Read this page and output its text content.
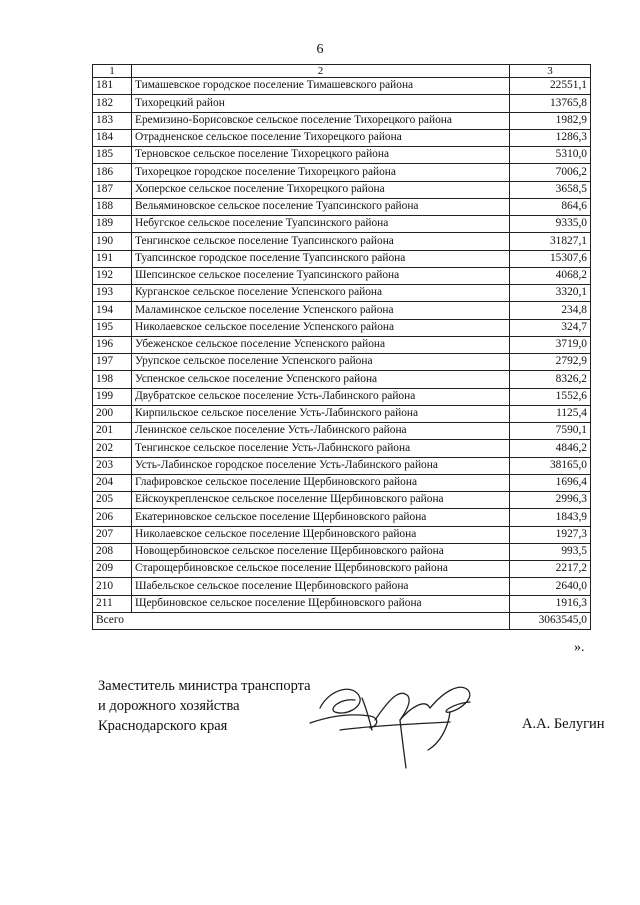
6
1	2	3
181	Тимашевское городское поселение Тимашевского района	22551,1
182	Тихорецкий район	13765,8
183	Еремизино-Борисовское сельское поселение Тихорецкого района	1982,9
184	Отрадненское сельское поселение Тихорецкого района	1286,3
185	Терновское сельское поселение Тихорецкого района	5310,0
186	Тихорецкое городское поселение Тихорецкого района	7006,2
187	Хоперское сельское поселение Тихорецкого района	3658,5
188	Вельяминовское сельское поселение Туапсинского района	864,6
189	Небугское сельское поселение Туапсинского района	9335,0
190	Тенгинское сельское поселение Туапсинского района	31827,1
191	Туапсинское городское поселение Туапсинского района	15307,6
192	Шепсинское сельское поселение Туапсинского района	4068,2
193	Курганское сельское поселение Успенского района	3320,1
194	Маламинское сельское поселение Успенского района	234,8
195	Николаевское сельское поселение Успенского района	324,7
196	Убеженское сельское поселение Успенского района	3719,0
197	Урупское сельское поселение Успенского района	2792,9
198	Успенское сельское поселение Успенского района	8326,2
199	Двубратское сельское поселение Усть-Лабинского района	1552,6
200	Кирпильское сельское поселение Усть-Лабинского района	1125,4
201	Ленинское сельское поселение Усть-Лабинского района	7590,1
202	Тенгинское сельское поселение Усть-Лабинского района	4846,2
203	Усть-Лабинское городское поселение Усть-Лабинского района	38165,0
204	Глафировское сельское поселение Щербиновского района	1696,4
205	Ейскоукрепленское сельское поселение Щербиновского района	2996,3
206	Екатериновское сельское поселение Щербиновского района	1843,9
207	Николаевское сельское поселение Щербиновского района	1927,3
208	Новощербиновское сельское поселение Щербиновского района	993,5
209	Старощербиновское сельское поселение Щербиновского района	2217,2
210	Шабельское сельское поселение Щербиновского района	2640,0
211	Щербиновское сельское поселение Щербиновского района	1916,3
Всего		3063545,0
».
Заместитель министра транспорта
и дорожного хозяйства
Краснодарского края	А.А. Белугин
